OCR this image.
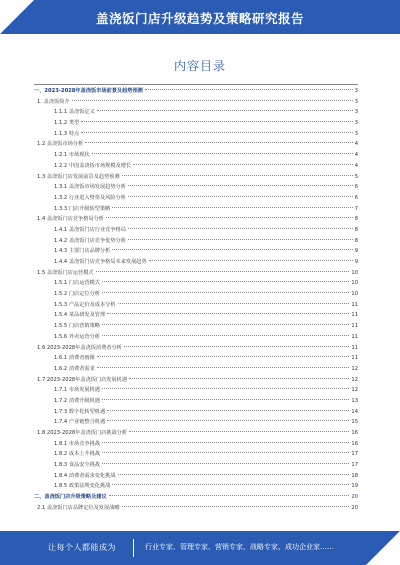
盖浇饭门店升级趋势及策略研究报告
内容目录
一、2023-2028年盖浇饭市场前景及趋势预测	3
1. 盖浇饭简介	3
1.1.1 盖浇饭定义	3
1.1.2 类型	3
1.1.3 特点	3
1.2 盖浇饭市场分析	4
1.2.1 市场现状	4
1.2.2 中国盖浇饭市场规模及增长	4
1.3 盖浇饭门店发展前景及趋势预测	5
1.3.1 盖浇饭市场发展趋势分析	6
1.3.2 行业进入壁垒及风险分析	6
1.3.3 门店升级转型策略	7
1.4 盖浇饭门店竞争格局分析	8
1.4.1 盖浇饭门店行业竞争格局	8
1.4.2 盖浇饭门店竞争优势分析	8
1.4.3 主要门店品牌分析	9
1.4.4 盖浇饭门店竞争格局未来发展趋势	9
1.5 盖浇饭门店运营模式	10
1.5.1 门店运营模式	10
1.5.2 门店定位分析	10
1.5.3 产品定价及成本分析	11
1.5.4 菜品研发及管理	11
1.5.5 门店营销策略	11
1.5.6 外卖运营分析	11
1.6 2023-2028年盖浇饭消费者分析	11
1.6.1 消费者画像	11
1.6.2 消费者需求	12
1.7 2023-2028年盖浇饭门店发展机遇	12
1.7.1 市场发展机遇	12
1.7.2 消费升级机遇	13
1.7.3 数字化转型机遇	14
1.7.4 产业链整合机遇	15
1.8 2023-2028年盖浇饭门店挑战分析	16
1.8.1 市场竞争挑战	16
1.8.2 成本上升挑战	17
1.8.3 食品安全挑战	17
1.8.4 消费者需求变化挑战	18
1.8.5 政策法规变化挑战	19
二、盖浇饭门店升级策略及建议	20
2.1 盖浇饭门店品牌定位及发展战略	20
让每个人都能成为	行业专家、管理专家、营销专家、战略专家、成功企业家……
